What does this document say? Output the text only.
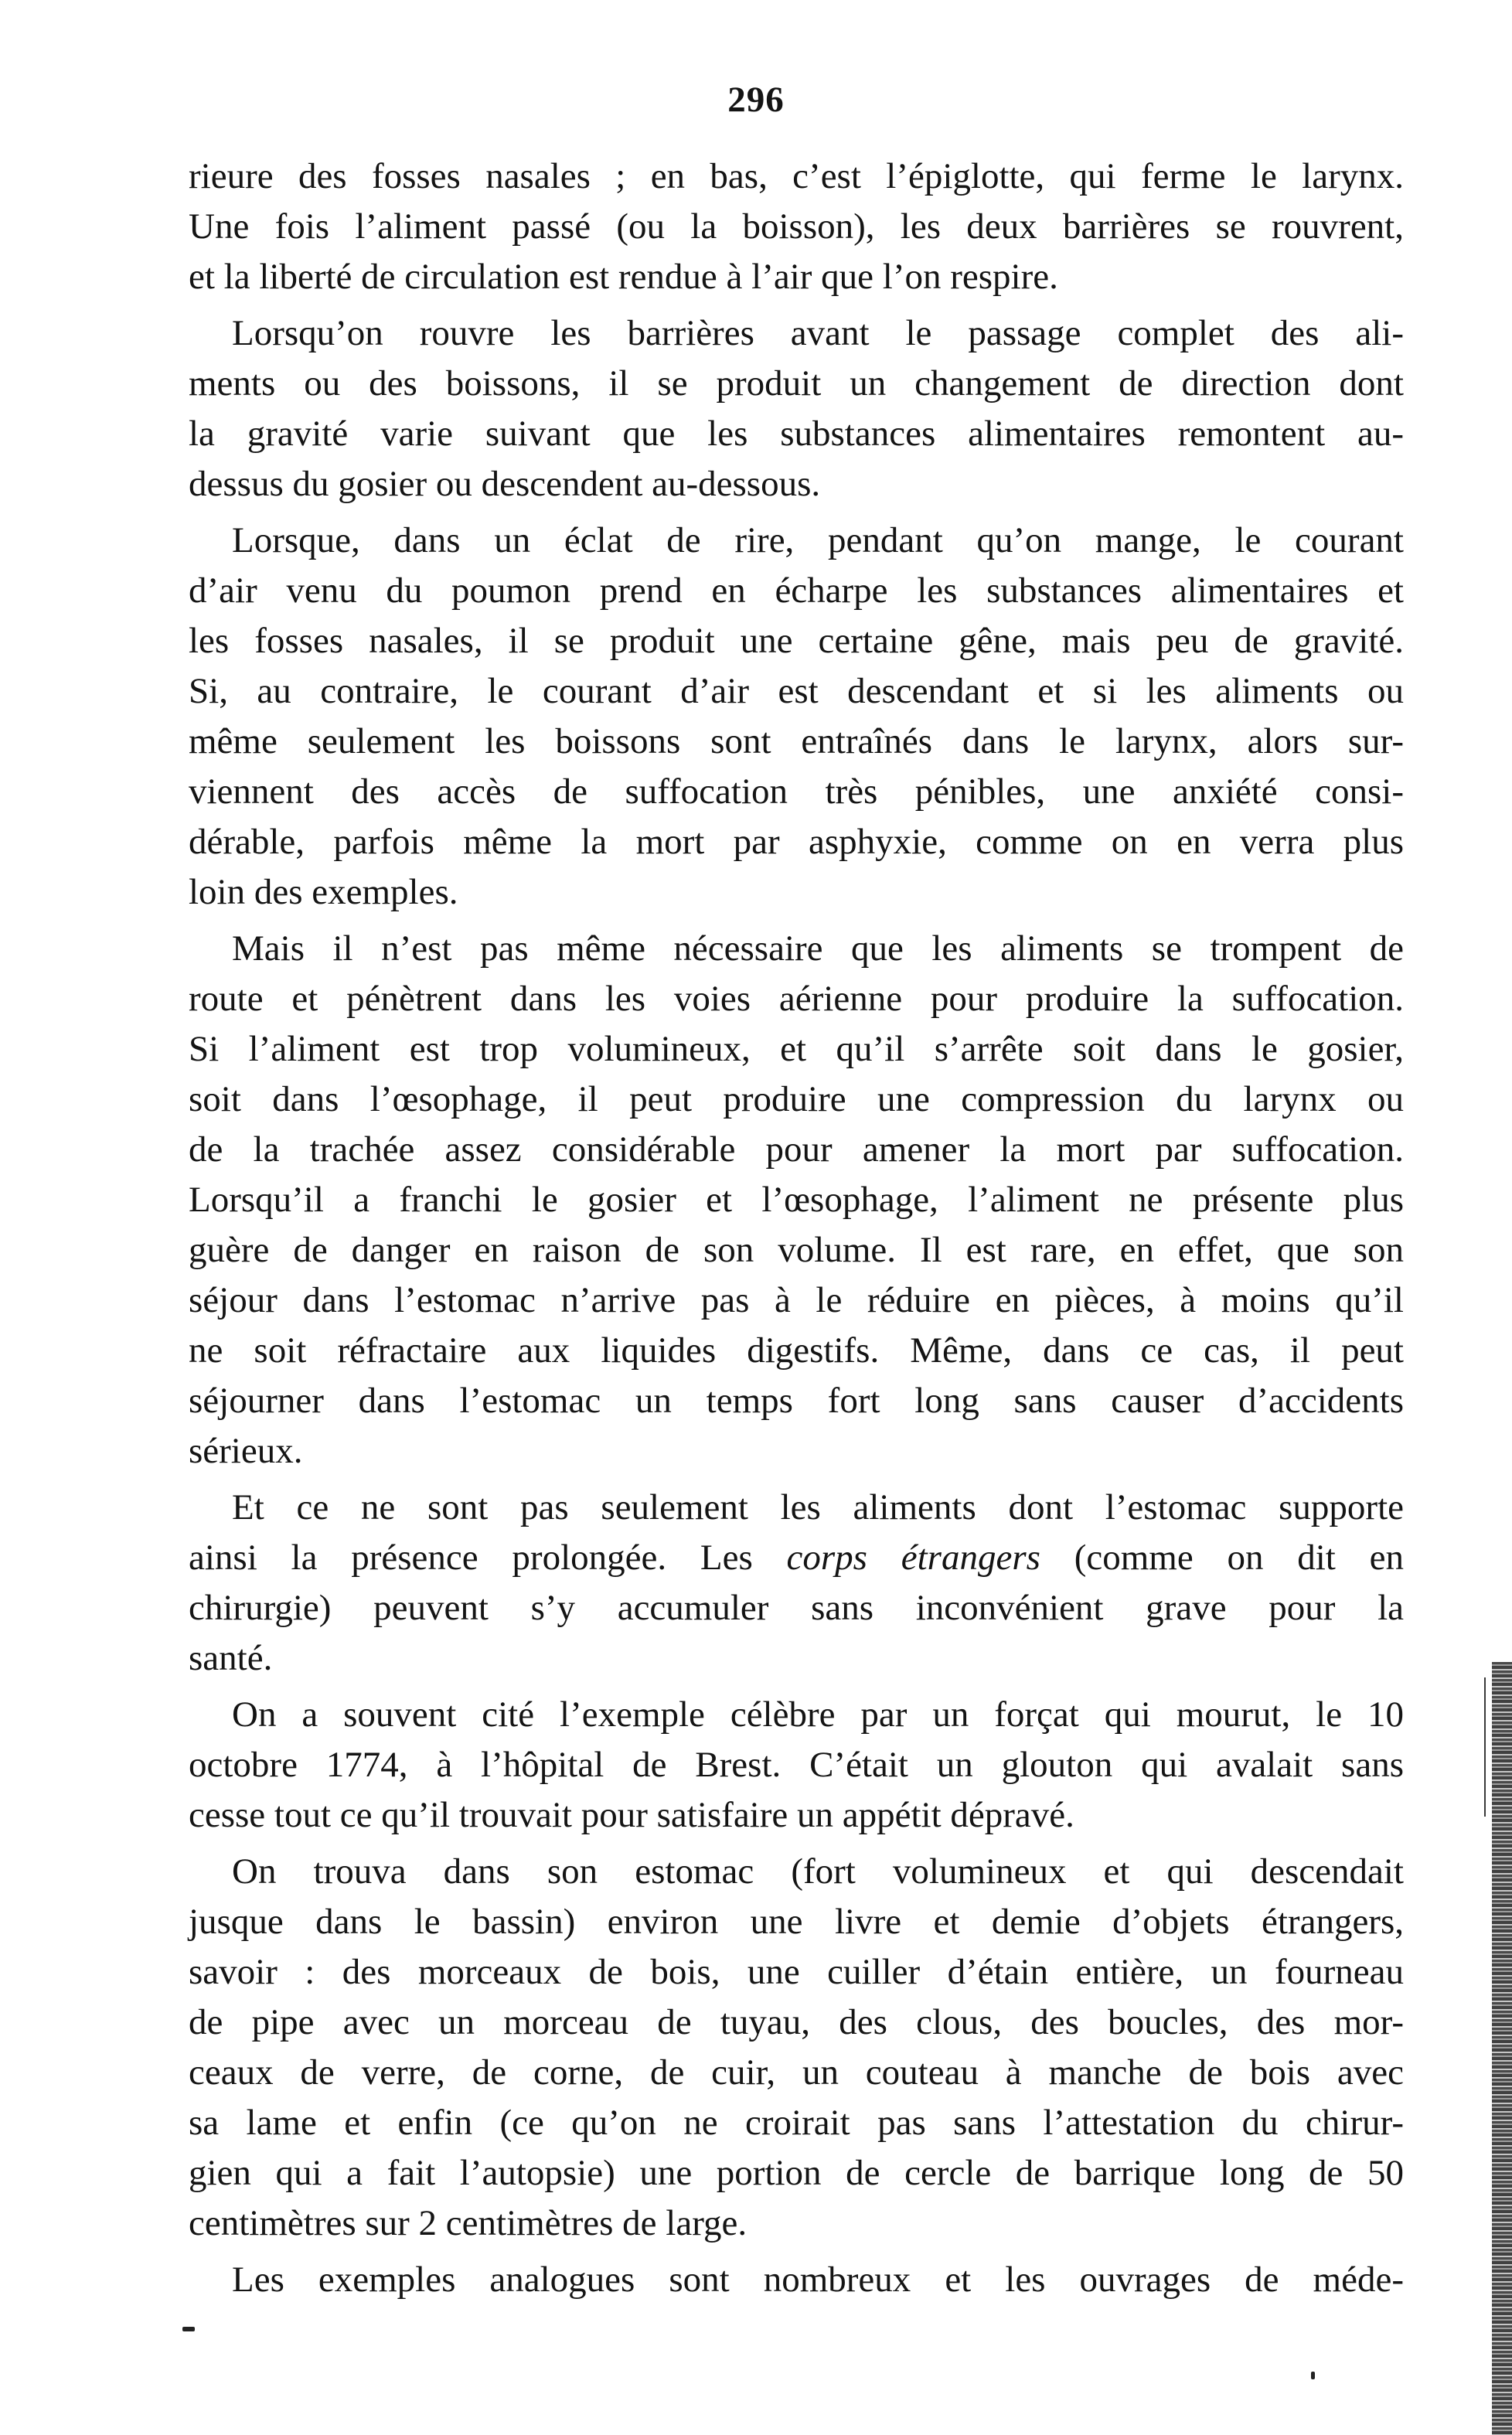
296
rieure des fosses nasales ; en bas, c’est l’épiglotte, qui ferme le larynx.
Une fois l’aliment passé (ou la boisson), les deux barrières se rouvrent,
et la liberté de circulation est rendue à l’air que l’on respire.
Lorsqu’on rouvre les barrières avant le passage complet des ali-
ments ou des boissons, il se produit un changement de direction dont
la gravité varie suivant que les substances alimentaires remontent au-
dessus du gosier ou descendent au-dessous.
Lorsque, dans un éclat de rire, pendant qu’on mange, le courant
d’air venu du poumon prend en écharpe les substances alimentaires et
les fosses nasales, il se produit une certaine gêne, mais peu de gravité.
Si, au contraire, le courant d’air est descendant et si les aliments ou
même seulement les boissons sont entraînés dans le larynx, alors sur-
viennent des accès de suffocation très pénibles, une anxiété consi-
dérable, parfois même la mort par asphyxie, comme on en verra plus
loin des exemples.
Mais il n’est pas même nécessaire que les aliments se trompent de
route et pénètrent dans les voies aérienne pour produire la suffocation.
Si l’aliment est trop volumineux, et qu’il s’arrête soit dans le gosier,
soit dans l’œsophage, il peut produire une compression du larynx ou
de la trachée assez considérable pour amener la mort par suffocation.
Lorsqu’il a franchi le gosier et l’œsophage, l’aliment ne présente plus
guère de danger en raison de son volume. Il est rare, en effet, que son
séjour dans l’estomac n’arrive pas à le réduire en pièces, à moins qu’il
ne soit réfractaire aux liquides digestifs. Même, dans ce cas, il peut
séjourner dans l’estomac un temps fort long sans causer d’accidents
sérieux.
Et ce ne sont pas seulement les aliments dont l’estomac supporte
ainsi la présence prolongée. Les corps étrangers (comme on dit en
chirurgie) peuvent s’y accumuler sans inconvénient grave pour la
santé.
On a souvent cité l’exemple célèbre par un forçat qui mourut, le 10
octobre 1774, à l’hôpital de Brest. C’était un glouton qui avalait sans
cesse tout ce qu’il trouvait pour satisfaire un appétit dépravé.
On trouva dans son estomac (fort volumineux et qui descendait
jusque dans le bassin) environ une livre et demie d’objets étrangers,
savoir : des morceaux de bois, une cuiller d’étain entière, un fourneau
de pipe avec un morceau de tuyau, des clous, des boucles, des mor-
ceaux de verre, de corne, de cuir, un couteau à manche de bois avec
sa lame et enfin (ce qu’on ne croirait pas sans l’attestation du chirur-
gien qui a fait l’autopsie) une portion de cercle de barrique long de 50
centimètres sur 2 centimètres de large.
Les exemples analogues sont nombreux et les ouvrages de méde-
